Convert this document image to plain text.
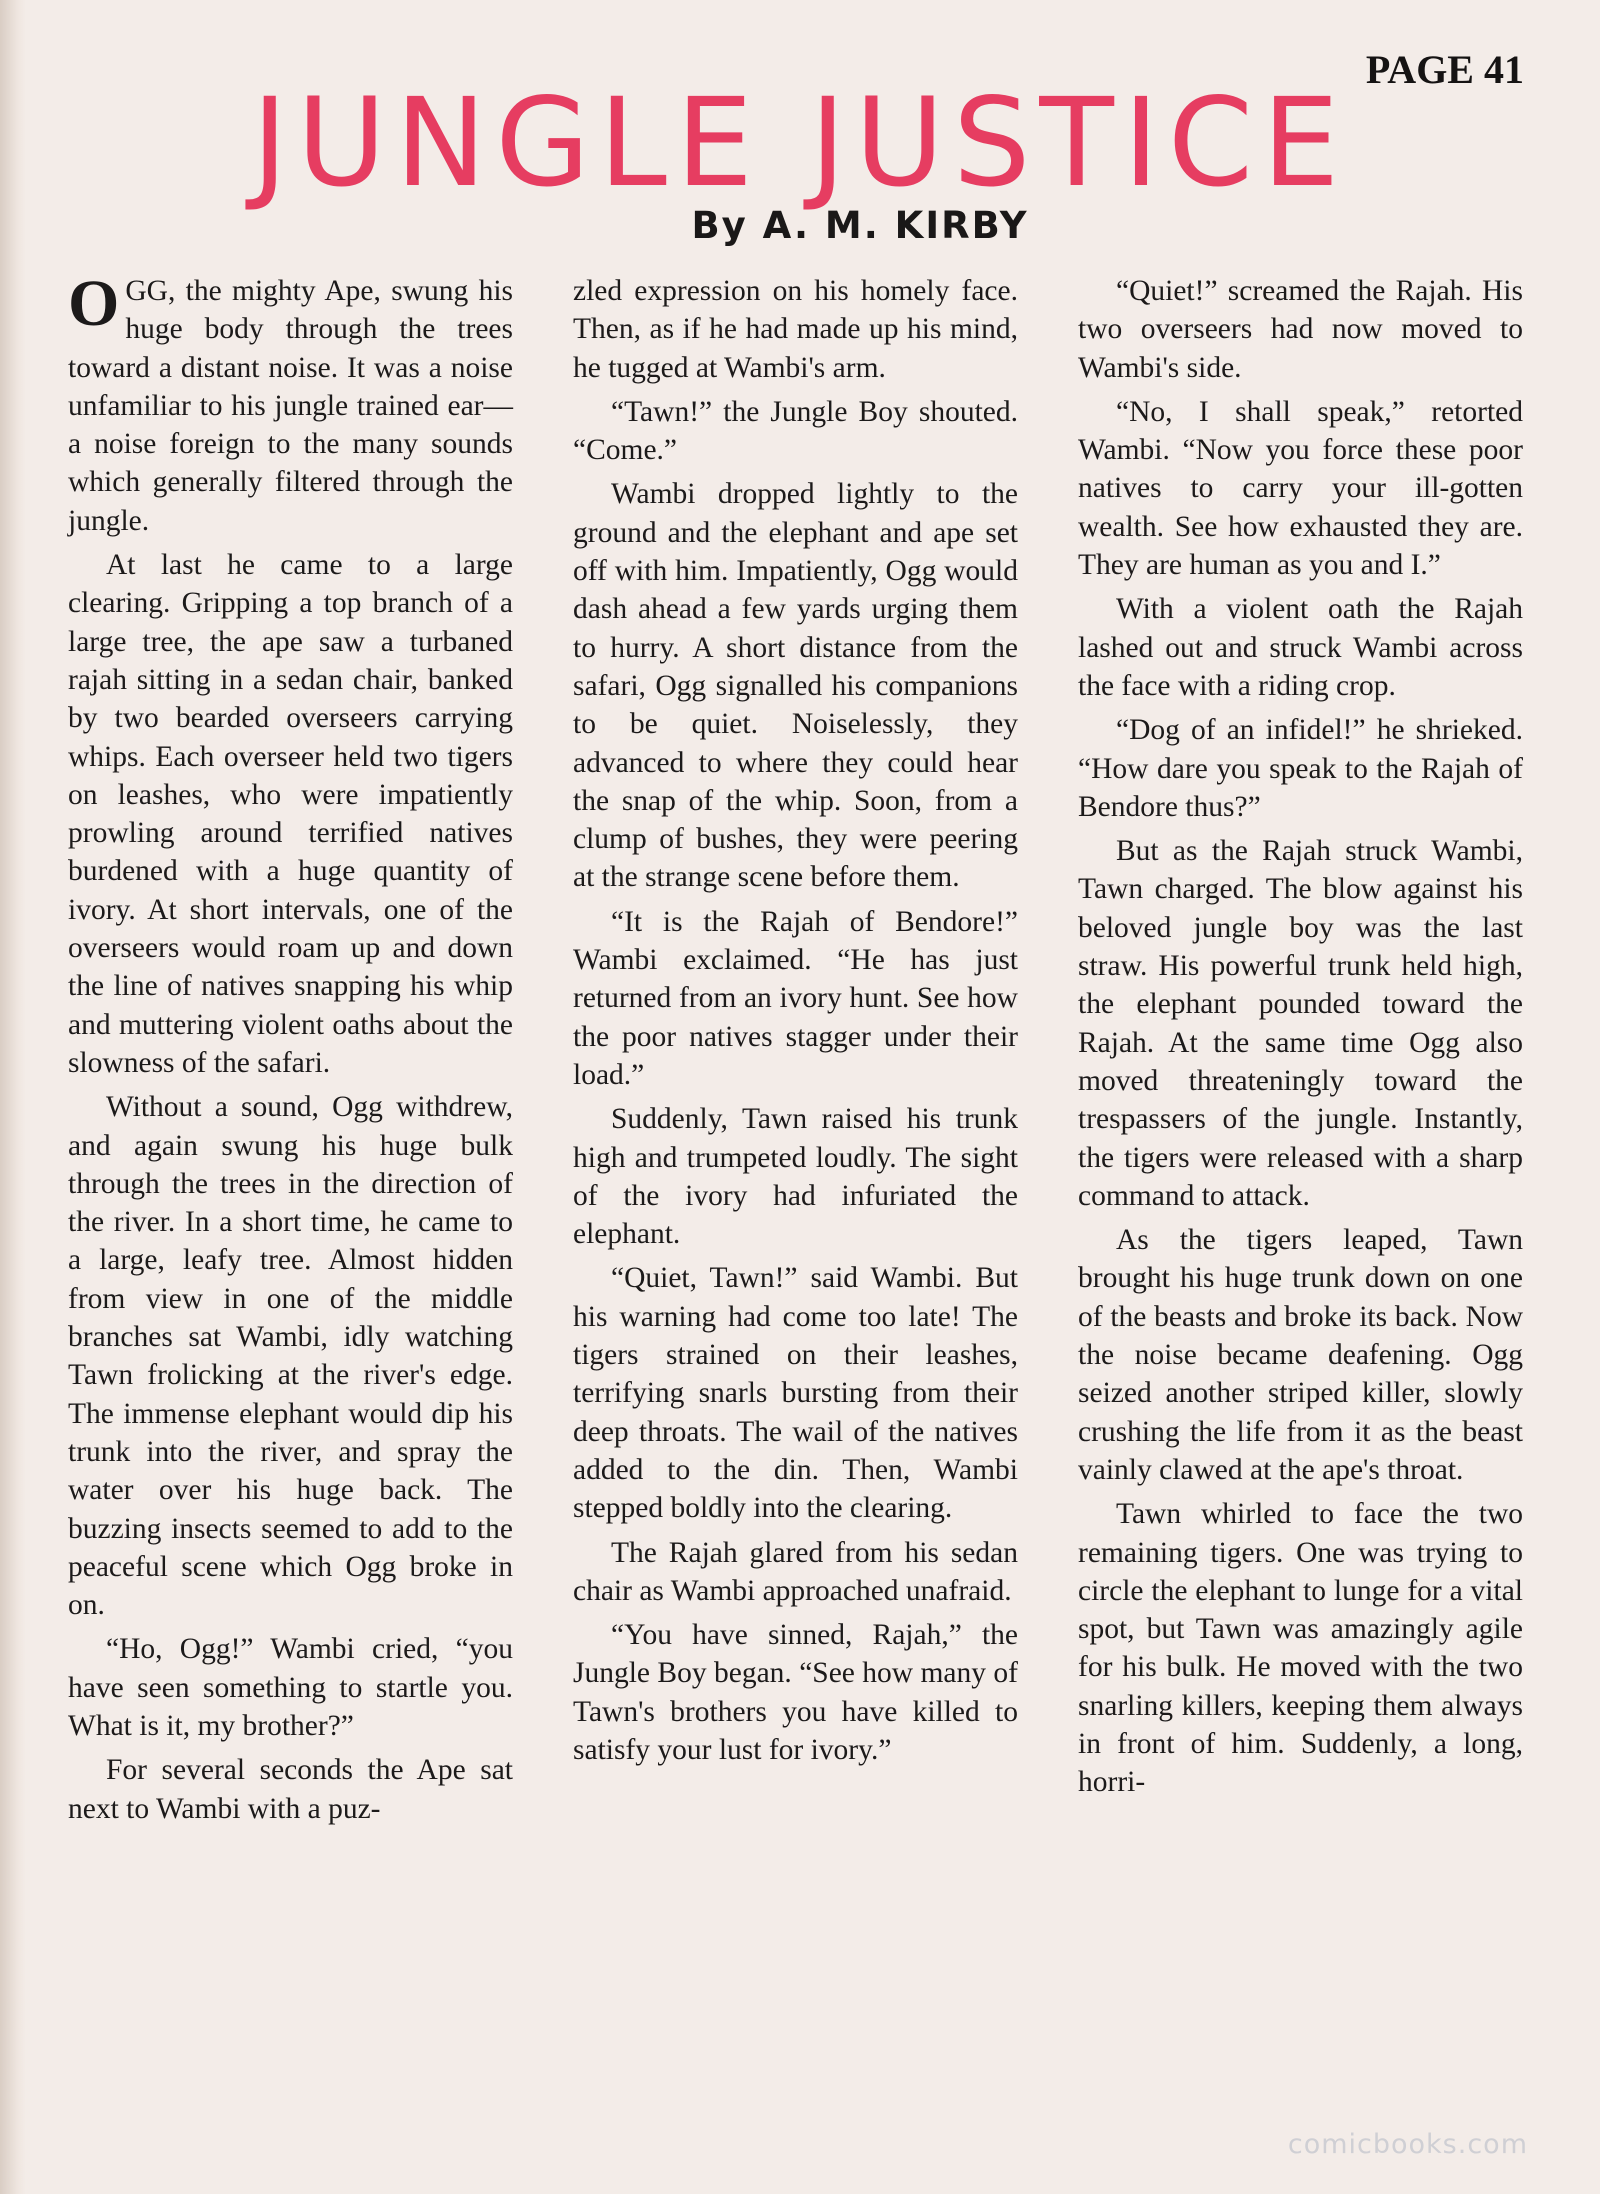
PAGE 41
JUNGLE JUSTICE
By A. M. KIRBY

OGG, the mighty Ape, swung his huge body through the trees toward a distant noise. It was a noise unfamiliar to his jungle trained ear—a noise foreign to the many sounds which generally filtered through the jungle.

At last he came to a large clearing. Gripping a top branch of a large tree, the ape saw a turbaned rajah sitting in a sedan chair, banked by two bearded overseers carrying whips. Each overseer held two tigers on leashes, who were impatiently prowling around terrified natives burdened with a huge quantity of ivory. At short intervals, one of the overseers would roam up and down the line of natives snapping his whip and muttering violent oaths about the slowness of the safari.

Without a sound, Ogg withdrew, and again swung his huge bulk through the trees in the direction of the river. In a short time, he came to a large, leafy tree. Almost hidden from view in one of the middle branches sat Wambi, idly watching Tawn frolicking at the river's edge. The immense elephant would dip his trunk into the river, and spray the water over his huge back. The buzzing insects seemed to add to the peaceful scene which Ogg broke in on.

“Ho, Ogg!” Wambi cried, “you have seen something to startle you. What is it, my brother?”

For several seconds the Ape sat next to Wambi with a puz-

zled expression on his homely face. Then, as if he had made up his mind, he tugged at Wambi's arm.

“Tawn!” the Jungle Boy shouted. “Come.”

Wambi dropped lightly to the ground and the elephant and ape set off with him. Impatiently, Ogg would dash ahead a few yards urging them to hurry. A short distance from the safari, Ogg signalled his companions to be quiet. Noiselessly, they advanced to where they could hear the snap of the whip. Soon, from a clump of bushes, they were peering at the strange scene before them.

“It is the Rajah of Bendore!” Wambi exclaimed. “He has just returned from an ivory hunt. See how the poor natives stagger under their load.”

Suddenly, Tawn raised his trunk high and trumpeted loudly. The sight of the ivory had infuriated the elephant.

“Quiet, Tawn!” said Wambi. But his warning had come too late! The tigers strained on their leashes, terrifying snarls bursting from their deep throats. The wail of the natives added to the din. Then, Wambi stepped boldly into the clearing.

The Rajah glared from his sedan chair as Wambi approached unafraid.

“You have sinned, Rajah,” the Jungle Boy began. “See how many of Tawn's brothers you have killed to satisfy your lust for ivory.”

“Quiet!” screamed the Rajah. His two overseers had now moved to Wambi's side.

“No, I shall speak,” retorted Wambi. “Now you force these poor natives to carry your ill-gotten wealth. See how exhausted they are. They are human as you and I.”

With a violent oath the Rajah lashed out and struck Wambi across the face with a riding crop.

“Dog of an infidel!” he shrieked. “How dare you speak to the Rajah of Bendore thus?”

But as the Rajah struck Wambi, Tawn charged. The blow against his beloved jungle boy was the last straw. His powerful trunk held high, the elephant pounded toward the Rajah. At the same time Ogg also moved threateningly toward the trespassers of the jungle. Instantly, the tigers were released with a sharp command to attack.

As the tigers leaped, Tawn brought his huge trunk down on one of the beasts and broke its back. Now the noise became deafening. Ogg seized another striped killer, slowly crushing the life from it as the beast vainly clawed at the ape's throat.

Tawn whirled to face the two remaining tigers. One was trying to circle the elephant to lunge for a vital spot, but Tawn was amazingly agile for his bulk. He moved with the two snarling killers, keeping them always in front of him. Suddenly, a long, horri-

comicbooks.com
